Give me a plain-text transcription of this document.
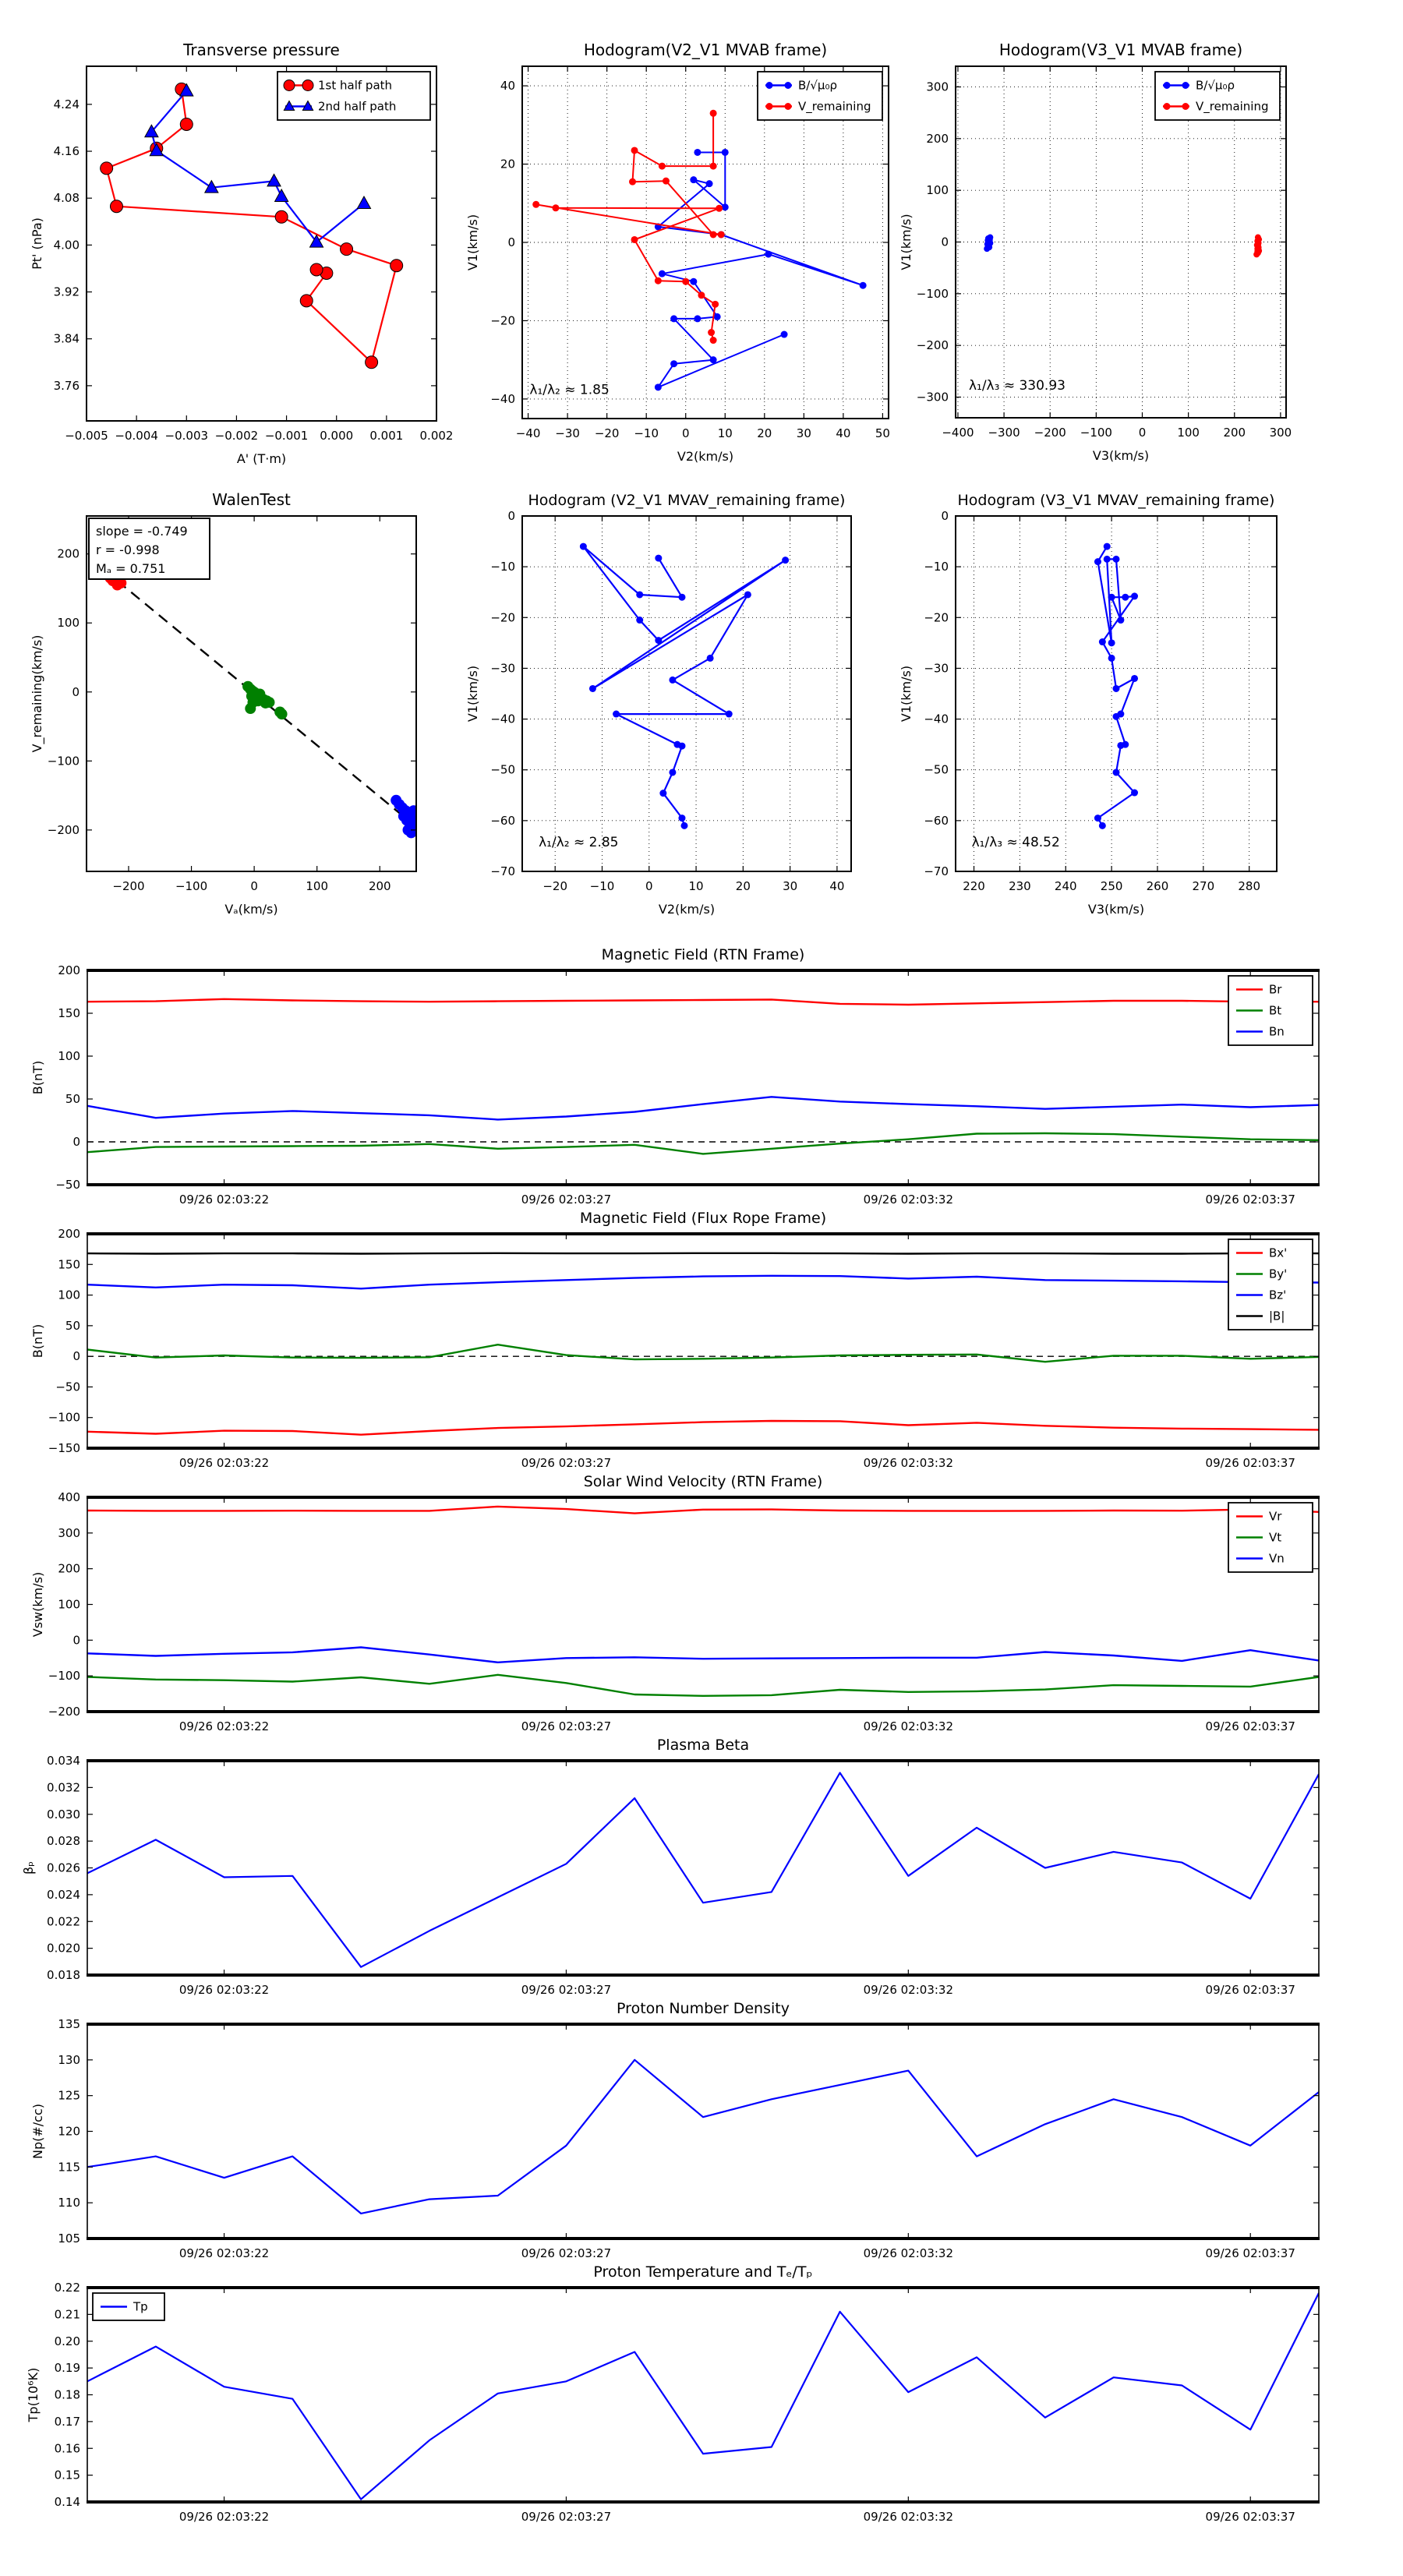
−0.005 −0.004 −0.003 −0.002 −0.001 0.000 0.001 0.002
3.76
3.84
3.92
4.00
4.08
4.16
4.24
Transverse pressure
A' (T·m)
Pt' (nPa)
1st half path
2nd half path
−40 −30 −20 −10 0 10 20 30 40 50
−40
−20
0
20
40
Hodogram(V2_V1 MVAB frame)
V2(km/s)
V1(km/s)
B/√μ₀ρ
V_remaining
λ₁/λ₂ ≈ 1.85
−400 −300 −200 −100 0	100 200 300
−300
−200
−100
0
100
200
300
Hodogram(V3_V1 MVAB frame)
V3(km/s)
V1(km/s)
B/√μ₀ρ
V_remaining
λ₁/λ₃ ≈ 330.93
−200	−100	0	100	200
−200
−100
0
100
200
WalenTest
Vₐ(km/s)
V_remaining(km/s)
slope = -0.749
r = -0.998
Mₐ = 0.751
−20 −10	0	10	20	30	40
0
−10
−20
−30
−40
−50
−60
−70
Hodogram (V2_V1 MVAV_remaining frame)
V2(km/s)
V1(km/s)
λ₁/λ₂ ≈ 2.85
220 230 240 250 260 270 280
0
−10
−20
−30
−40
−50
−60
−70
Hodogram (V3_V1 MVAV_remaining frame)
V3(km/s)
V1(km/s)
λ₁/λ₃ ≈ 48.52
09/26 02:03:22	09/26 02:03:27	09/26 02:03:32	09/26 02:03:37
−50
0
50
100
150
200
Magnetic Field (RTN Frame)
B(nT)
Br
Bt
Bn
09/26 02:03:22	09/26 02:03:27	09/26 02:03:32	09/26 02:03:37
−150
−100
−50
0
50
100
150
200
Magnetic Field (Flux Rope Frame)
B(nT)
Bx'
By'
Bz'
|B|
09/26 02:03:22	09/26 02:03:27	09/26 02:03:32	09/26 02:03:37
−200
−100
0
100
200
300
400
Solar Wind Velocity (RTN Frame)
Vsw(km/s)
Vr
Vt
Vn
09/26 02:03:22	09/26 02:03:27	09/26 02:03:32	09/26 02:03:37
0.018
0.020
0.022
0.024
0.026
0.028
0.030
0.032
0.034
Plasma Beta
βₚ
09/26 02:03:22	09/26 02:03:27	09/26 02:03:32	09/26 02:03:37
105
110
115
120
125
130
135
Proton Number Density
Np(#/cc)
09/26 02:03:22	09/26 02:03:27	09/26 02:03:32	09/26 02:03:37
0.14
0.15
0.16
0.17
0.18
0.19
0.20
0.21
0.22
Proton Temperature and Tₑ/Tₚ
Tp(10⁶K)
Tp
